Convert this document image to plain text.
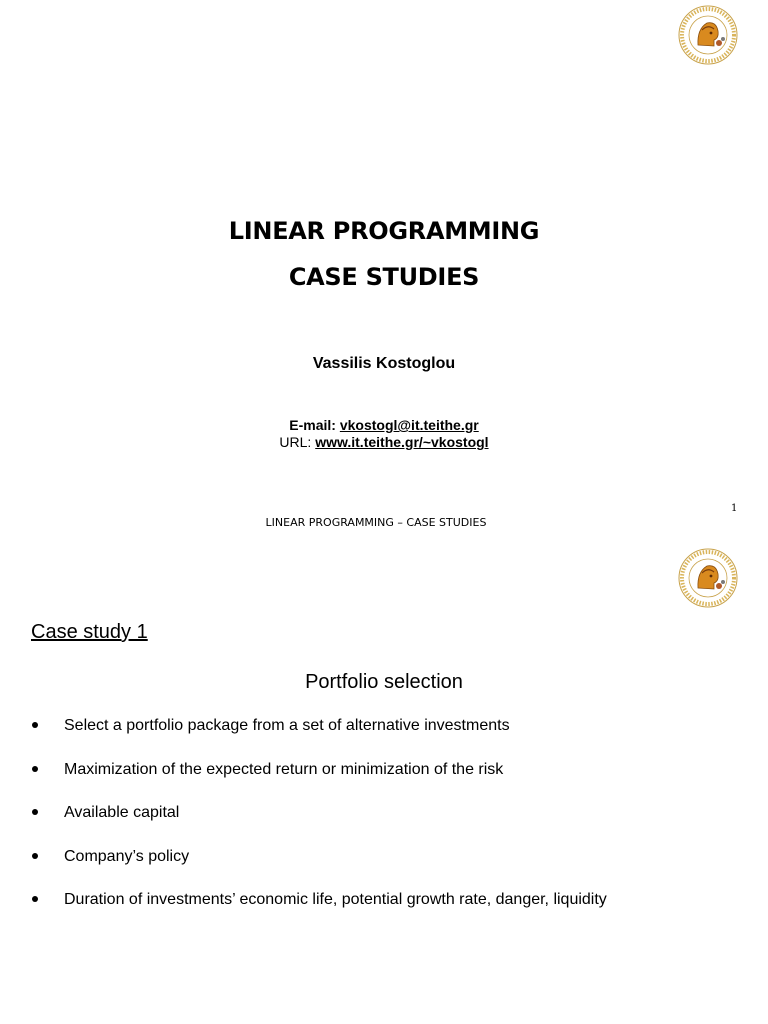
LINEAR PROGRAMMING
CASE STUDIES
Vassilis Kostoglou
E-mail: vkostogl@it.teithe.gr
URL: www.it.teithe.gr/~vkostogl
1
LINEAR PROGRAMMING – CASE STUDIES
Case study 1
Portfolio selection
Select a portfolio package from a set of alternative investments
Maximization of the expected return or minimization of the risk
Available capital
Company’s policy
Duration of investments’ economic life, potential growth rate, danger, liquidity
